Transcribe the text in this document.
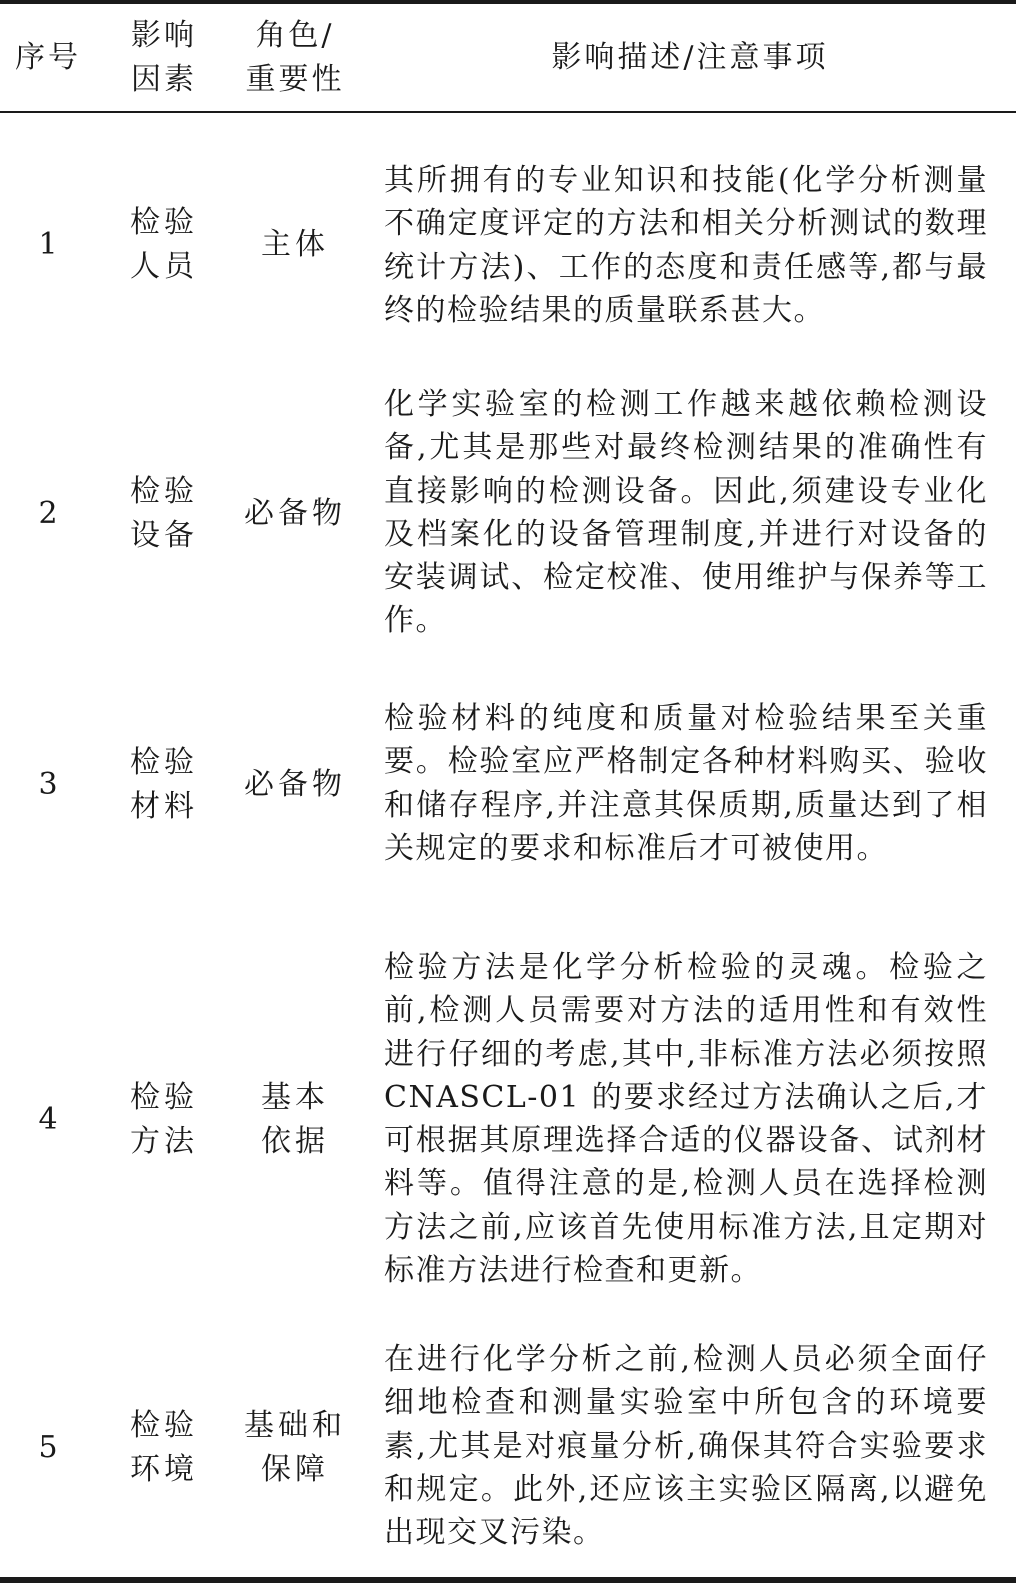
序号
影响
因素
角色/
重要性
影响描述/注意事项
1
检验
人员
主体
其所拥有的专业知识和技能(化学分析测量不确定度评定的方法和相关分析测试的数理统计方法)、工作的态度和责任感等,都与最终的检验结果的质量联系甚大。
2
检验
设备
必备物
化学实验室的检测工作越来越依赖检测设备,尤其是那些对最终检测结果的准确性有直接影响的检测设备。因此,须建设专业化及档案化的设备管理制度,并进行对设备的安装调试、检定校准、使用维护与保养等工作。
3
检验
材料
必备物
检验材料的纯度和质量对检验结果至关重要。检验室应严格制定各种材料购买、验收和储存程序,并注意其保质期,质量达到了相关规定的要求和标准后才可被使用。
4
检验
方法
基本
依据
检验方法是化学分析检验的灵魂。检验之前,检测人员需要对方法的适用性和有效性进行仔细的考虑,其中,非标准方法必须按照 CNASCL-01 的要求经过方法确认之后,才可根据其原理选择合适的仪器设备、试剂材料等。值得注意的是,检测人员在选择检测方法之前,应该首先使用标准方法,且定期对标准方法进行检查和更新。
5
检验
环境
基础和
保障
在进行化学分析之前,检测人员必须全面仔细地检查和测量实验室中所包含的环境要素,尤其是对痕量分析,确保其符合实验要求和规定。此外,还应该主实验区隔离,以避免出现交叉污染。
